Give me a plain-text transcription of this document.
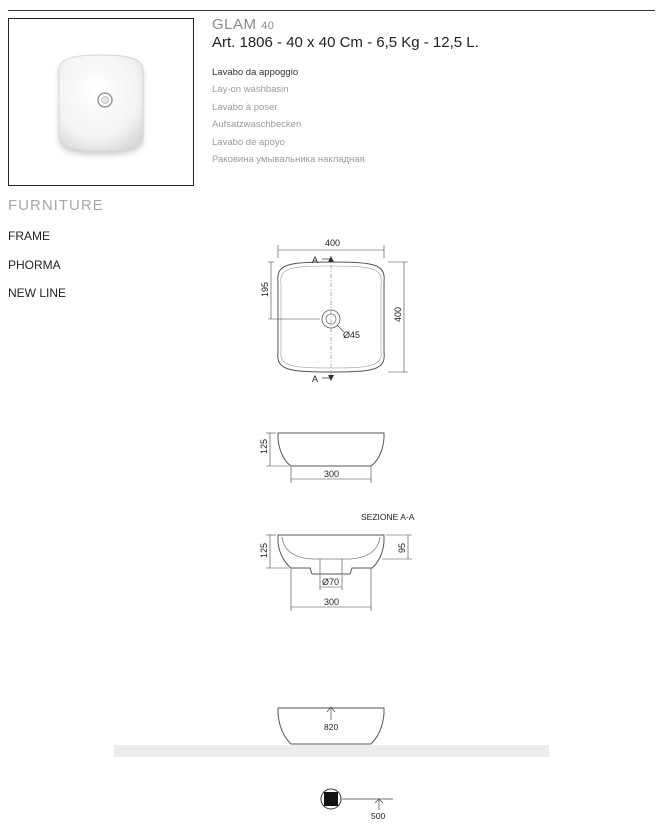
GLAM 40
Art. 1806 - 40 x 40 Cm - 6,5 Kg - 12,5 L.
Lavabo da appoggio
Lay-on washbasin
Lavabo à poser
Aufsatzwaschbecken
Lavabo de apoyo
Раковина умывальника накладная
FURNITURE
FRAME
PHORMA
NEW LINE
400
A
A
195
400
Ø45
125
300
SEZIONE A-A
125	95
Ø70
300
820
500
